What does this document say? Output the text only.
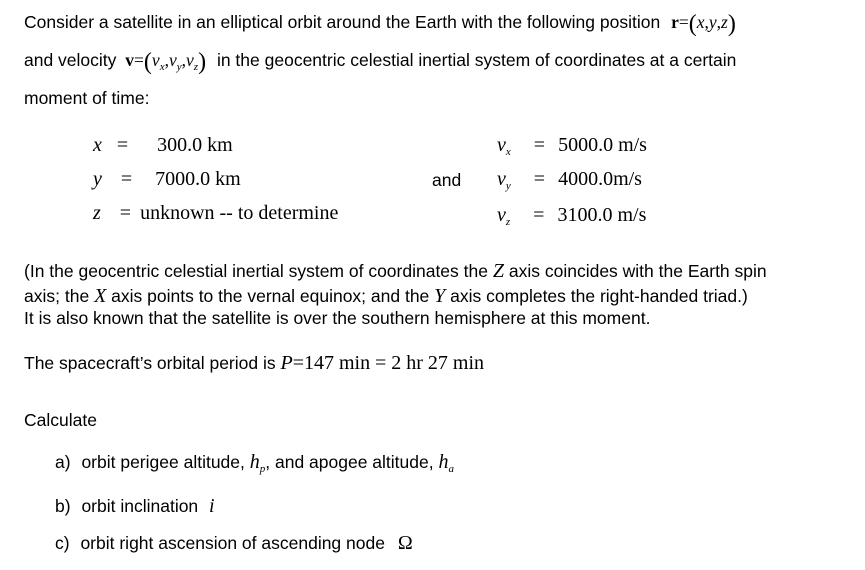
Consider a satellite in an elliptical orbit around the Earth with the following position r=(x,y,z)
and velocity $v=(v_x,v_y,v_z)$ in the geocentric celestial inertial system of coordinates at a certain
moment of time:
x = 300.0 km
y = 7000.0 km
z = unknown -- to determine
and
$v_x = 5000.0$ m/s
$v_y = 4000.0m/s$
$v_z = 3100.0$ m/s
(In the geocentric celestial inertial system of coordinates the Z axis coincides with the Earth spin
axis; the X axis points to the vernal equinox; and the Y axis completes the right-handed triad.)
It is also known that the satellite is over the southern hemisphere at this moment.
The spacecraft’s orbital period is P=147 min = 2 hr 27 min
Calculate
a) orbit perigee altitude, $h_p$, and apogee altitude, $h_a$
b) orbit inclination i
c) orbit right ascension of ascending node Ω
